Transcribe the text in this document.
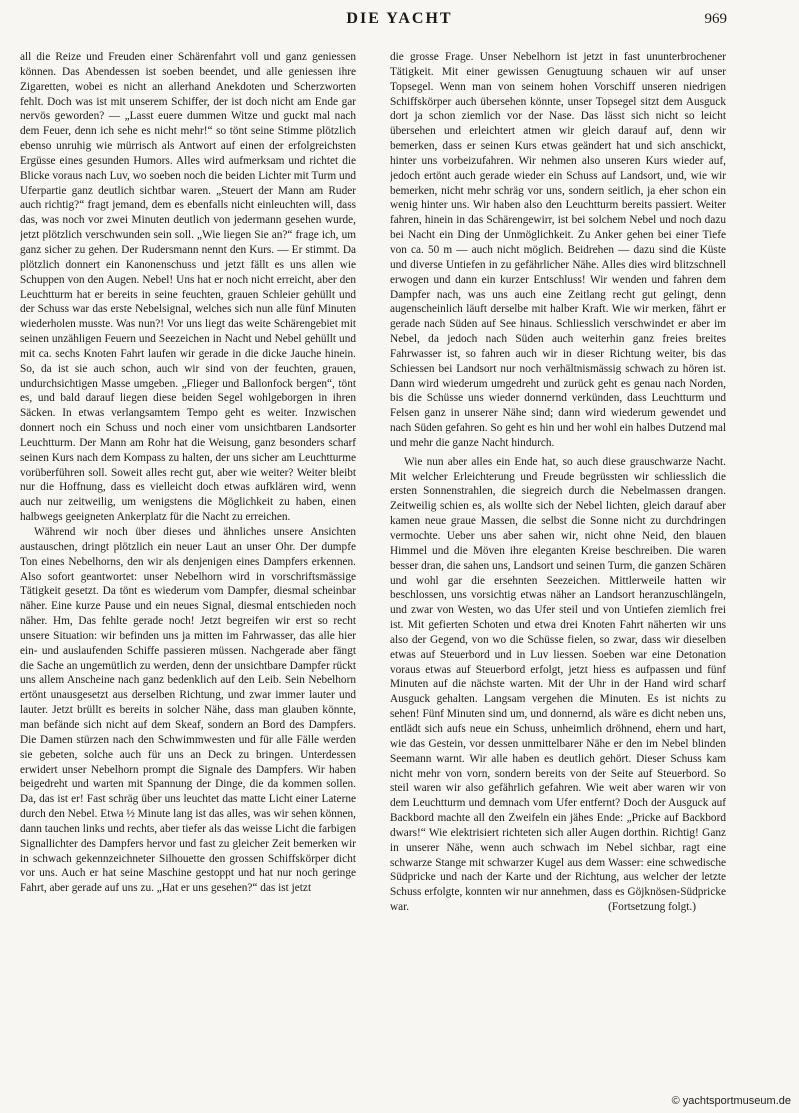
DIE YACHT	969

all die Reize und Freuden einer Schärenfahrt voll und ganz geniessen können. Das Abendessen ist soeben beendet, und alle geniessen ihre Zigaretten, wobei es nicht an allerhand Anekdoten und Scherzworten fehlt. Doch was ist mit unserem Schiffer, der ist doch nicht am Ende gar nervös geworden? — „Lasst euere dummen Witze und guckt mal nach dem Feuer, denn ich sehe es nicht mehr!“ so tönt seine Stimme plötzlich ebenso unruhig wie mürrisch als Antwort auf einen der erfolgreichsten Ergüsse eines gesunden Humors. Alles wird aufmerksam und richtet die Blicke voraus nach Luv, wo soeben noch die beiden Lichter mit Turm und Uferpartie ganz deutlich sichtbar waren. „Steuert der Mann am Ruder auch richtig?“ fragt jemand, dem es ebenfalls nicht einleuchten will, dass das, was noch vor zwei Minuten deutlich von jedermann gesehen wurde, jetzt plötzlich verschwunden sein soll. „Wie liegen Sie an?“ frage ich, um ganz sicher zu gehen. Der Rudersmann nennt den Kurs. — Er stimmt. Da plötzlich donnert ein Kanonenschuss und jetzt fällt es uns allen wie Schuppen von den Augen. Nebel! Uns hat er noch nicht erreicht, aber den Leuchtturm hat er bereits in seine feuchten, grauen Schleier gehüllt und der Schuss war das erste Nebelsignal, welches sich nun alle fünf Minuten wiederholen musste. Was nun?! Vor uns liegt das weite Schärengebiet mit seinen unzähligen Feuern und Seezeichen in Nacht und Nebel gehüllt und mit ca. sechs Knoten Fahrt laufen wir gerade in die dicke Jauche hinein. So, da ist sie auch schon, auch wir sind von der feuchten, grauen, undurchsichtigen Masse umgeben. „Flieger und Ballonfock bergen“, tönt es, und bald darauf liegen diese beiden Segel wohlgeborgen in ihren Säcken. In etwas verlangsamtem Tempo geht es weiter. Inzwischen donnert noch ein Schuss und noch einer vom unsichtbaren Landsorter Leuchtturm. Der Mann am Rohr hat die Weisung, ganz besonders scharf seinen Kurs nach dem Kompass zu halten, der uns sicher am Leuchtturme vorüberführen soll. Soweit alles recht gut, aber wie weiter? Weiter bleibt nur die Hoffnung, dass es vielleicht doch etwas aufklären wird, wenn auch nur zeitweilig, um wenigstens die Möglichkeit zu haben, einen halbwegs geeigneten Ankerplatz für die Nacht zu erreichen.

Während wir noch über dieses und ähnliches unsere Ansichten austauschen, dringt plötzlich ein neuer Laut an unser Ohr. Der dumpfe Ton eines Nebelhorns, den wir als denjenigen eines Dampfers erkennen. Also sofort geantwortet: unser Nebelhorn wird in vorschriftsmässige Tätigkeit gesetzt. Da tönt es wiederum vom Dampfer, diesmal scheinbar näher. Eine kurze Pause und ein neues Signal, diesmal entschieden noch näher. Hm, Das fehlte gerade noch! Jetzt begreifen wir erst so recht unsere Situation: wir befinden uns ja mitten im Fahrwasser, das alle hier ein- und auslaufenden Schiffe passieren müssen. Nachgerade aber fängt die Sache an ungemütlich zu werden, denn der unsichtbare Dampfer rückt uns allem Anscheine nach ganz bedenklich auf den Leib. Sein Nebelhorn ertönt unausgesetzt aus derselben Richtung, und zwar immer lauter und lauter. Jetzt brüllt es bereits in solcher Nähe, dass man glauben könnte, man befände sich nicht auf dem Skeaf, sondern an Bord des Dampfers. Die Damen stürzen nach den Schwimmwesten und für alle Fälle werden sie gebeten, solche auch für uns an Deck zu bringen. Unterdessen erwidert unser Nebelhorn prompt die Signale des Dampfers. Wir haben beigedreht und warten mit Spannung der Dinge, die da kommen sollen. Da, das ist er! Fast schräg über uns leuchtet das matte Licht einer Laterne durch den Nebel. Etwa ½ Minute lang ist das alles, was wir sehen können, dann tauchen links und rechts, aber tiefer als das weisse Licht die farbigen Signallichter des Dampfers hervor und fast zu gleicher Zeit bemerken wir in schwach gekennzeichneter Silhouette den grossen Schiffskörper dicht vor uns. Auch er hat seine Maschine gestoppt und hat nur noch geringe Fahrt, aber gerade auf uns zu. „Hat er uns gesehen?“ das ist jetzt

die grosse Frage. Unser Nebelhorn ist jetzt in fast ununterbrochener Tätigkeit. Mit einer gewissen Genugtuung schauen wir auf unser Topsegel. Wenn man von seinem hohen Vorschiff unseren niedrigen Schiffskörper auch übersehen könnte, unser Topsegel sitzt dem Ausguck dort ja schon ziemlich vor der Nase. Das lässt sich nicht so leicht übersehen und erleichtert atmen wir gleich darauf auf, denn wir bemerken, dass er seinen Kurs etwas geändert hat und sich anschickt, hinter uns vorbeizufahren. Wir nehmen also unseren Kurs wieder auf, jedoch ertönt auch gerade wieder ein Schuss auf Landsort, und, wie wir bemerken, nicht mehr schräg vor uns, sondern seitlich, ja eher schon ein wenig hinter uns. Wir haben also den Leuchtturm bereits passiert. Weiter fahren, hinein in das Schärengewirr, ist bei solchem Nebel und noch dazu bei Nacht ein Ding der Unmöglichkeit. Zu Anker gehen bei einer Tiefe von ca. 50 m — auch nicht möglich. Beidrehen — dazu sind die Küste und diverse Untiefen in zu gefährlicher Nähe. Alles dies wird blitzschnell erwogen und dann ein kurzer Entschluss! Wir wenden und fahren dem Dampfer nach, was uns auch eine Zeitlang recht gut gelingt, denn augenscheinlich läuft derselbe mit halber Kraft. Wie wir merken, fährt er gerade nach Süden auf See hinaus. Schliesslich verschwindet er aber im Nebel, da jedoch nach Süden auch weiterhin ganz freies breites Fahrwasser ist, so fahren auch wir in dieser Richtung weiter, bis das Schiessen bei Landsort nur noch verhältnismässig schwach zu hören ist. Dann wird wiederum umgedreht und zurück geht es genau nach Norden, bis die Schüsse uns wieder donnernd verkünden, dass Leuchtturm und Felsen ganz in unserer Nähe sind; dann wird wiederum gewendet und nach Süden gefahren. So geht es hin und her wohl ein halbes Dutzend mal und mehr die ganze Nacht hindurch.

Wie nun aber alles ein Ende hat, so auch diese grauschwarze Nacht. Mit welcher Erleichterung und Freude begrüssten wir schliesslich die ersten Sonnenstrahlen, die siegreich durch die Nebelmassen drangen. Zeitweilig schien es, als wollte sich der Nebel lichten, gleich darauf aber kamen neue graue Massen, die selbst die Sonne nicht zu durchdringen vermochte. Ueber uns aber sahen wir, nicht ohne Neid, den blauen Himmel und die Möven ihre eleganten Kreise beschreiben. Die waren besser dran, die sahen uns, Landsort und seinen Turm, die ganzen Schären und wohl gar die ersehnten Seezeichen. Mittlerweile hatten wir beschlossen, uns vorsichtig etwas näher an Landsort heranzuschlängeln, und zwar von Westen, wo das Ufer steil und von Untiefen ziemlich frei ist. Mit gefierten Schoten und etwa drei Knoten Fahrt näherten wir uns also der Gegend, von wo die Schüsse fielen, so zwar, dass wir dieselben etwas auf Steuerbord und in Luv liessen. Soeben war eine Detonation voraus etwas auf Steuerbord erfolgt, jetzt hiess es aufpassen und fünf Minuten auf die nächste warten. Mit der Uhr in der Hand wird scharf Ausguck gehalten. Langsam vergehen die Minuten. Es ist nichts zu sehen! Fünf Minuten sind um, und donnernd, als wäre es dicht neben uns, entlädt sich aufs neue ein Schuss, unheimlich dröhnend, ehern und hart, wie das Gestein, vor dessen unmittelbarer Nähe er den im Nebel blinden Seemann warnt. Wir alle haben es deutlich gehört. Dieser Schuss kam nicht mehr von vorn, sondern bereits von der Seite auf Steuerbord. So steil waren wir also gefährlich gefahren. Wie weit aber waren wir von dem Leuchtturm und demnach vom Ufer entfernt? Doch der Ausguck auf Backbord machte all den Zweifeln ein jähes Ende: „Pricke auf Backbord dwars!“ Wie elektrisiert richteten sich aller Augen dorthin. Richtig! Ganz in unserer Nähe, wenn auch schwach im Nebel sichbar, ragt eine schwarze Stange mit schwarzer Kugel aus dem Wasser: eine schwedische Südpricke und nach der Karte und der Richtung, aus welcher der letzte Schuss erfolgte, konnten wir nur annehmen, dass es Göjknösen-Südpricke war.	(Fortsetzung folgt.)

© yachtsportmuseum.de
